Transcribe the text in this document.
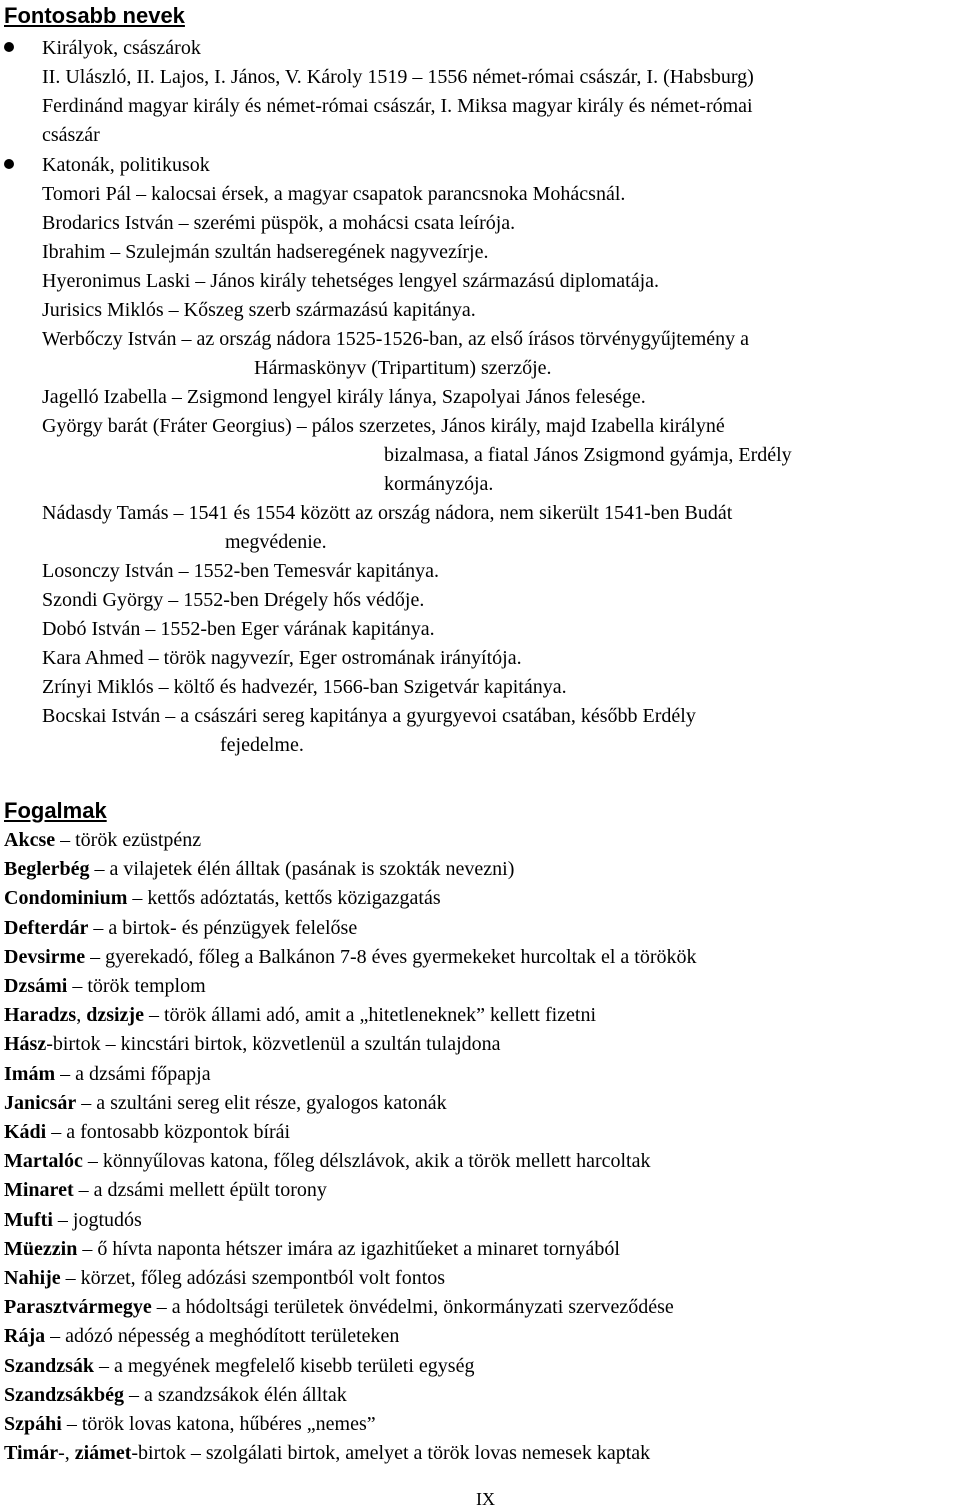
Fontosabb nevek
Királyok, császárok
II. Ulászló, II. Lajos, I. János, V. Károly 1519 – 1556 német-római császár, I. (Habsburg)
Ferdinánd magyar király és német-római császár, I. Miksa magyar király és német-római
császár
Katonák, politikusok
Tomori Pál – kalocsai érsek, a magyar csapatok parancsnoka Mohácsnál.
Brodarics István – szerémi püspök, a mohácsi csata leírója.
Ibrahim – Szulejmán szultán hadseregének nagyvezírje.
Hyeronimus Laski – János király tehetséges lengyel származású diplomatája.
Jurisics Miklós – Kőszeg szerb származású kapitánya.
Werbőczy István – az ország nádora 1525-1526-ban, az első írásos törvénygyűjtemény a
Hármaskönyv (Tripartitum) szerzője.
Jagelló Izabella – Zsigmond lengyel király lánya, Szapolyai János felesége.
György barát (Fráter Georgius) – pálos szerzetes, János király, majd Izabella királyné
bizalmasa, a fiatal János Zsigmond gyámja, Erdély
kormányzója.
Nádasdy Tamás – 1541 és 1554 között az ország nádora, nem sikerült 1541-ben Budát
megvédenie.
Losonczy István – 1552-ben Temesvár kapitánya.
Szondi György – 1552-ben Drégely hős védője.
Dobó István – 1552-ben Eger várának kapitánya.
Kara Ahmed – török nagyvezír, Eger ostromának irányítója.
Zrínyi Miklós – költő és hadvezér, 1566-ban Szigetvár kapitánya.
Bocskai István – a császári sereg kapitánya a gyurgyevoi csatában, később Erdély
fejedelme.
Fogalmak
Akcse – török ezüstpénz
Beglerbég – a vilajetek élén álltak (pasának is szokták nevezni)
Condominium – kettős adóztatás, kettős közigazgatás
Defterdár – a birtok- és pénzügyek felelőse
Devsirme – gyerekadó, főleg a Balkánon 7-8 éves gyermekeket hurcoltak el a törökök
Dzsámi – török templom
Haradzs, dzsizje – török állami adó, amit a „hitetleneknek” kellett fizetni
Hász-birtok – kincstári birtok, közvetlenül a szultán tulajdona
Imám – a dzsámi főpapja
Janicsár – a szultáni sereg elit része, gyalogos katonák
Kádi – a fontosabb központok bírái
Martalóc – könnyűlovas katona, főleg délszlávok, akik a török mellett harcoltak
Minaret – a dzsámi mellett épült torony
Mufti – jogtudós
Müezzin – ő hívta naponta hétszer imára az igazhitűeket a minaret tornyából
Nahije – körzet, főleg adózási szempontból volt fontos
Parasztvármegye – a hódoltsági területek önvédelmi, önkormányzati szerveződése
Rája – adózó népesség a meghódított területeken
Szandzsák – a megyének megfelelő kisebb területi egység
Szandzsákbég – a szandzsákok élén álltak
Szpáhi – török lovas katona, hűbéres „nemes”
Timár-, ziámet-birtok – szolgálati birtok, amelyet a török lovas nemesek kaptak
IX
